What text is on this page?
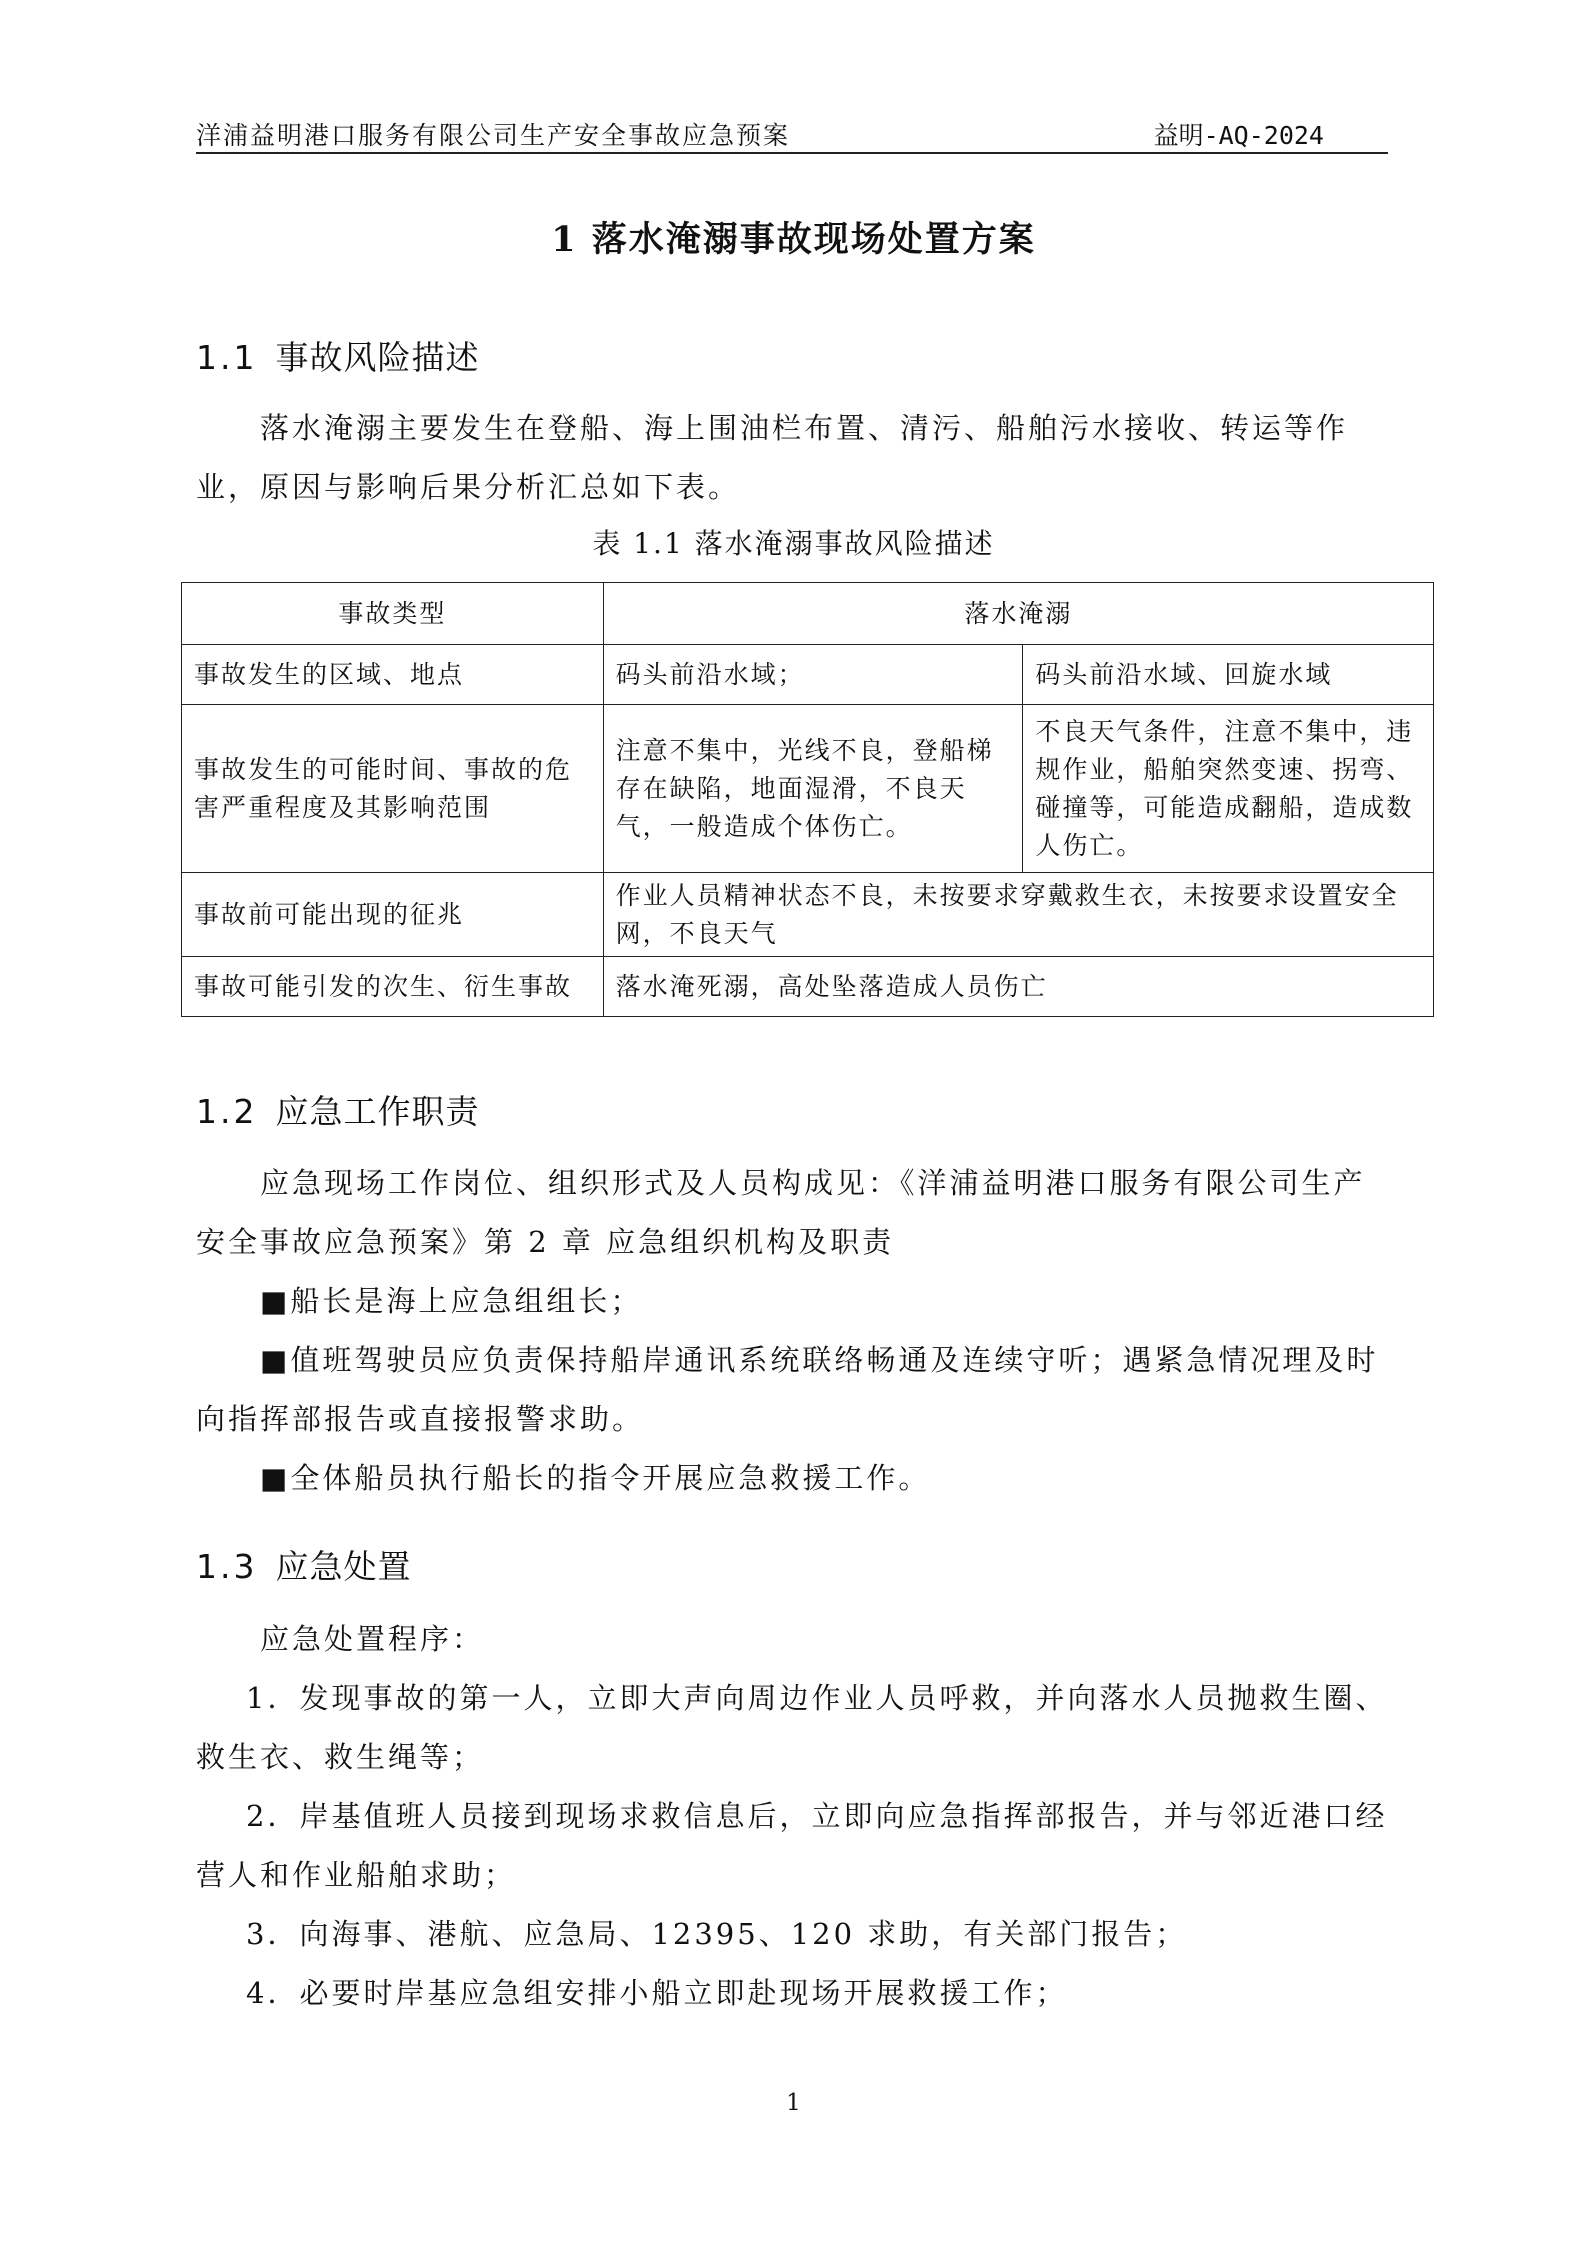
洋浦益明港口服务有限公司生产安全事故应急预案	益明-AQ-2024
1 落水淹溺事故现场处置方案
1.1 事故风险描述

落水淹溺主要发生在登船、海上围油栏布置、清污、船舶污水接收、转运等作业，原因与影响后果分析汇总如下表。

表 1.1 落水淹溺事故风险描述
事故类型	落水淹溺	
事故发生的区域、地点	码头前沿水域；	码头前沿水域、回旋水域
事故发生的可能时间、事故的危害严重程度及其影响范围	注意不集中，光线不良，登船梯存在缺陷，地面湿滑，不良天气，一般造成个体伤亡。	不良天气条件，注意不集中，违规作业，船舶突然变速、拐弯、碰撞等，可能造成翻船，造成数人伤亡。
事故前可能出现的征兆	作业人员精神状态不良，未按要求穿戴救生衣，未按要求设置安全网，不良天气	
事故可能引发的次生、衍生事故	落水淹死溺，高处坠落造成人员伤亡	
1.2 应急工作职责

应急现场工作岗位、组织形式及人员构成见：《洋浦益明港口服务有限公司生产安全事故应急预案》第 2 章 应急组织机构及职责

■船长是海上应急组组长；

■值班驾驶员应负责保持船岸通讯系统联络畅通及连续守听；遇紧急情况理及时向指挥部报告或直接报警求助。

■全体船员执行船长的指令开展应急救援工作。

1.3 应急处置

应急处置程序：

1．发现事故的第一人，立即大声向周边作业人员呼救，并向落水人员抛救生圈、救生衣、救生绳等；

2．岸基值班人员接到现场求救信息后，立即向应急指挥部报告，并与邻近港口经营人和作业船舶求助；

3．向海事、港航、应急局、12395、120 求助，有关部门报告；

4．必要时岸基应急组安排小船立即赴现场开展救援工作；

1
